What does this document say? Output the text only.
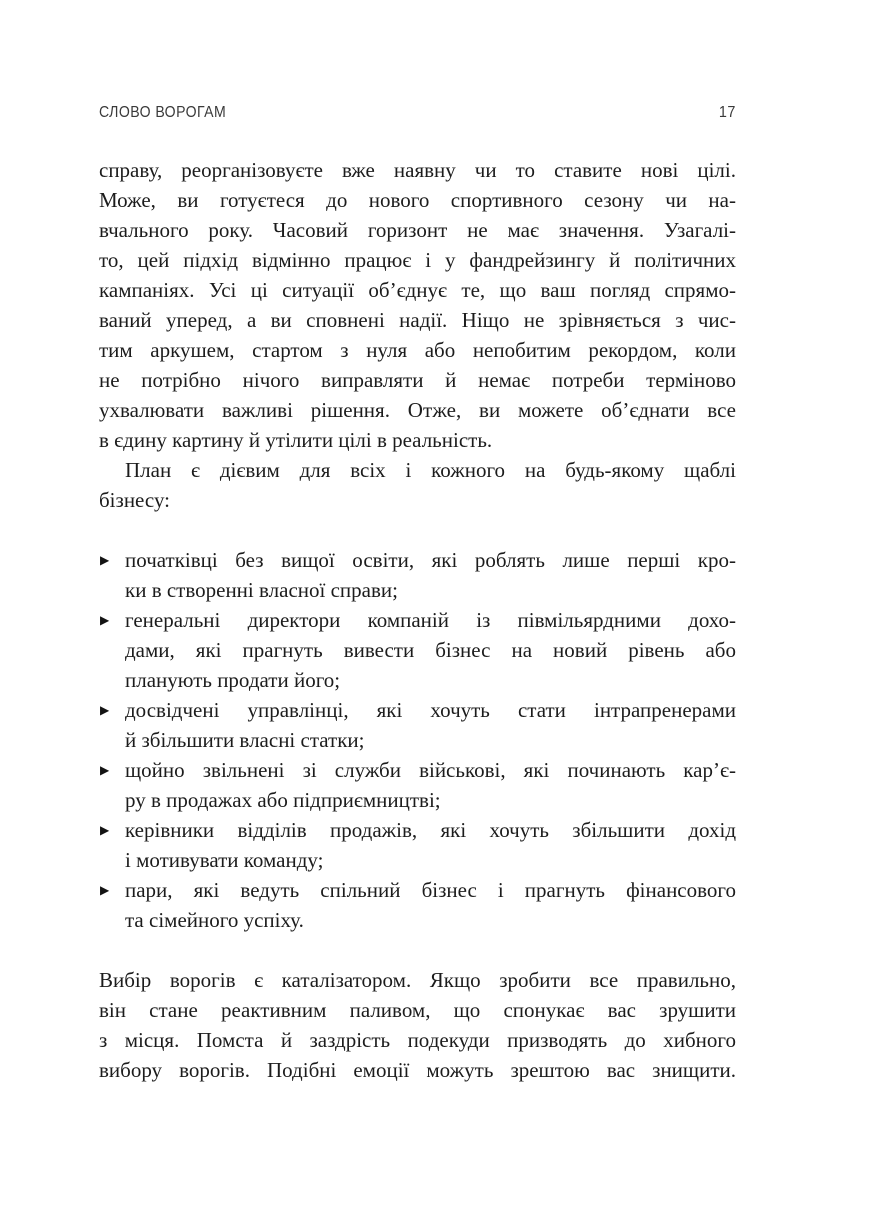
СЛОВО ВОРОГАМ	17

справу, реорганізовуєте вже наявну чи то ставите нові цілі.
Може, ви готуєтеся до нового спортивного сезону чи на-
вчального року. Часовий горизонт не має значення. Узагалі-
то, цей підхід відмінно працює і у фандрейзингу й політичних
кампаніях. Усі ці ситуації об’єднує те, що ваш погляд спрямо-
ваний уперед, а ви сповнені надії. Ніщо не зрівняється з чис-
тим аркушем, стартом з нуля або непобитим рекордом, коли
не потрібно нічого виправляти й немає потреби терміново
ухвалювати важливі рішення. Отже, ви можете об’єднати все
в єдину картину й утілити цілі в реальність.

План є дієвим для всіх і кожного на будь-якому щаблі
бізнесу:

▶ початківці без вищої освіти, які роблять лише перші кро-
ки в створенні власної справи;
▶ генеральні директори компаній із півмільярдними дохо-
дами, які прагнуть вивести бізнес на новий рівень або
планують продати його;
▶ досвідчені управлінці, які хочуть стати інтрапренерами
й збільшити власні статки;
▶ щойно звільнені зі служби військові, які починають кар’є-
ру в продажах або підприємництві;
▶ керівники відділів продажів, які хочуть збільшити дохід
і мотивувати команду;
▶ пари, які ведуть спільний бізнес і прагнуть фінансового
та сімейного успіху.

Вибір ворогів є каталізатором. Якщо зробити все правильно,
він стане реактивним паливом, що спонукає вас зрушити
з місця. Помста й заздрість подекуди призводять до хибного
вибору ворогів. Подібні емоції можуть зрештою вас знищити.
